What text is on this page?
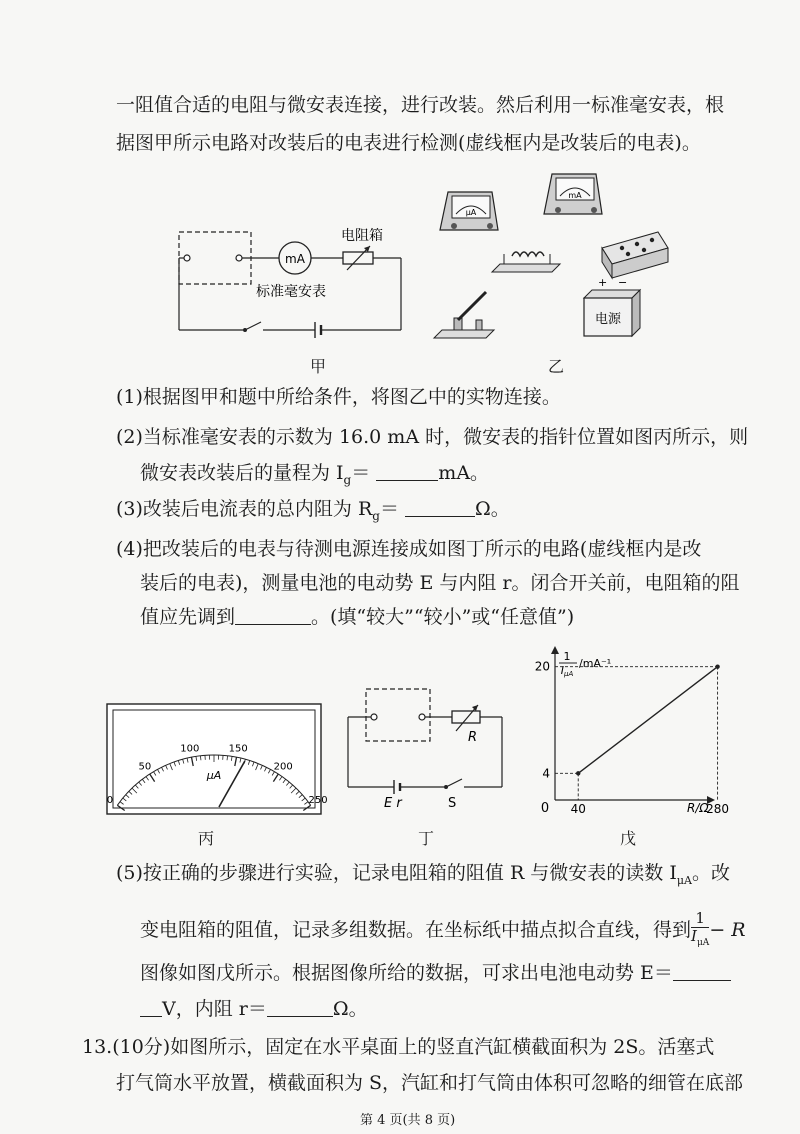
一阻值合适的电阻与微安表连接，进行改装。然后利用一标准毫安表，根
据图甲所示电路对改装后的电表进行检测(虚线框内是改装后的电表)。
mA
电阻箱
标准毫安表
甲
μA
mA
电源
+ −
乙
(1)根据图甲和题中所给条件，将图乙中的实物连接。
(2)当标准毫安表的示数为 16.0 mA 时，微安表的指针位置如图丙所示，则
微安表改装后的量程为 $I_g=$	mA。
(3)改装后电流表的总内阻为 $R_g=$	Ω。
(4)把改装后的电表与待测电源连接成如图丁所示的电路(虚线框内是改
装后的电表)，测量电池的电动势 E 与内阻 r。闭合开关前，电阻箱的阻
值应先调到	。(填“较大”“较小”或“任意值”)
0
50
100	150
200
250
μA
丙
R
E r	S
丁
0
1
IμA
/mA⁻¹
R/Ω
40
4
280
20
戊
(5)按正确的步骤进行实验，记录电阻箱的阻值 R 与微安表的读数 $I_{\mu A}$。改
变电阻箱的阻值，记录多组数据。在坐标纸中描点拟合直线，得到 $\frac{1}{I_{\mu A}} - R$
图像如图戊所示。根据图像所给的数据，可求出电池电动势 E＝
V，内阻 r＝	Ω。
13.(10分)如图所示，固定在水平桌面上的竖直汽缸横截面积为 2S。活塞式
打气筒水平放置，横截面积为 S，汽缸和打气筒由体积可忽略的细管在底部
第 4 页(共 8 页)
